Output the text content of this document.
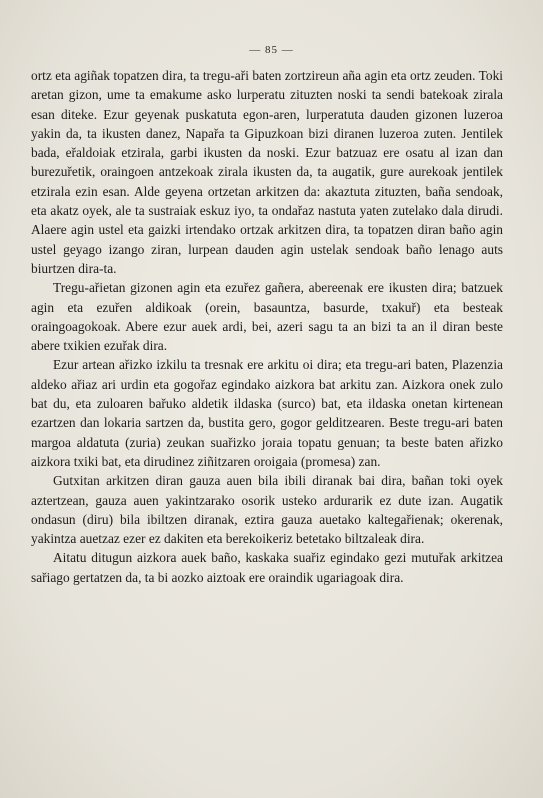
— 85 —

ortz eta agiñak topatzen dira, ta tregu-aři baten zortzireun aña agin eta ortz zeuden. Toki aretan gizon, ume ta emakume asko lurperatu zituzten noski ta sendi batekoak zirala esan diteke. Ezur geyenak puskatuta egon-aren, lurperatuta dauden gizonen luzeroa yakin da, ta ikusten danez, Napařa ta Gipuzkoan bizi diranen luzeroa zuten. Jentilek bada, eřaldoiak etzirala, garbi ikusten da noski. Ezur batzuaz ere osatu al izan dan burezuřetik, oraingoen antzekoak zirala ikusten da, ta augatik, gure aurekoak jentilek etzirala ezin esan. Alde geyena ortzetan arkitzen da: akaztuta zituzten, baña sendoak, eta akatz oyek, ale ta sustraiak eskuz iyo, ta ondařaz nastuta yaten zutelako dala dirudi. Alaere agin ustel eta gaizki irtendako ortzak arkitzen dira, ta topatzen diran baño agin ustel geyago izango ziran, lurpean dauden agin ustelak sendoak baño lenago auts biurtzen dira-ta.

Tregu-ařietan gizonen agin eta ezuřez gañera, abereenak ere ikusten dira; batzuek agin eta ezuřen aldikoak (orein, basauntza, basurde, txakuř) eta besteak oraingoagokoak. Abere ezur auek ardi, bei, azeri sagu ta an bizi ta an il diran beste abere txikien ezuřak dira.

Ezur artean ařizko izkilu ta tresnak ere arkitu oi dira; eta tregu-ari baten, Plazenzia aldeko ařiaz ari urdin eta gogořaz egindako aizkora bat arkitu zan. Aizkora onek zulo bat du, eta zuloaren bařuko aldetik ildaska (surco) bat, eta ildaska onetan kirtenean ezartzen dan lokaria sartzen da, bustita gero, gogor gelditzearen. Beste tregu-ari baten margoa aldatuta (zuria) zeukan suařizko joraia topatu genuan; ta beste baten ařizko aizkora txiki bat, eta dirudinez ziñitzaren oroigaia (promesa) zan.

Gutxitan arkitzen diran gauza auen bila ibili diranak bai dira, bañan toki oyek aztertzean, gauza auen yakintzarako osorik usteko ardurarik ez dute izan. Augatik ondasun (diru) bila ibiltzen diranak, eztira gauza auetako kaltegařienak; okerenak, yakintza auetzaz ezer ez dakiten eta berekoikeriz betetako biltzaleak dira.

Aitatu ditugun aizkora auek baño, kaskaka suařiz egindako gezi mutuřak arkitzea sařiago gertatzen da, ta bi aozko aiztoak ere oraindik ugariagoak dira.
